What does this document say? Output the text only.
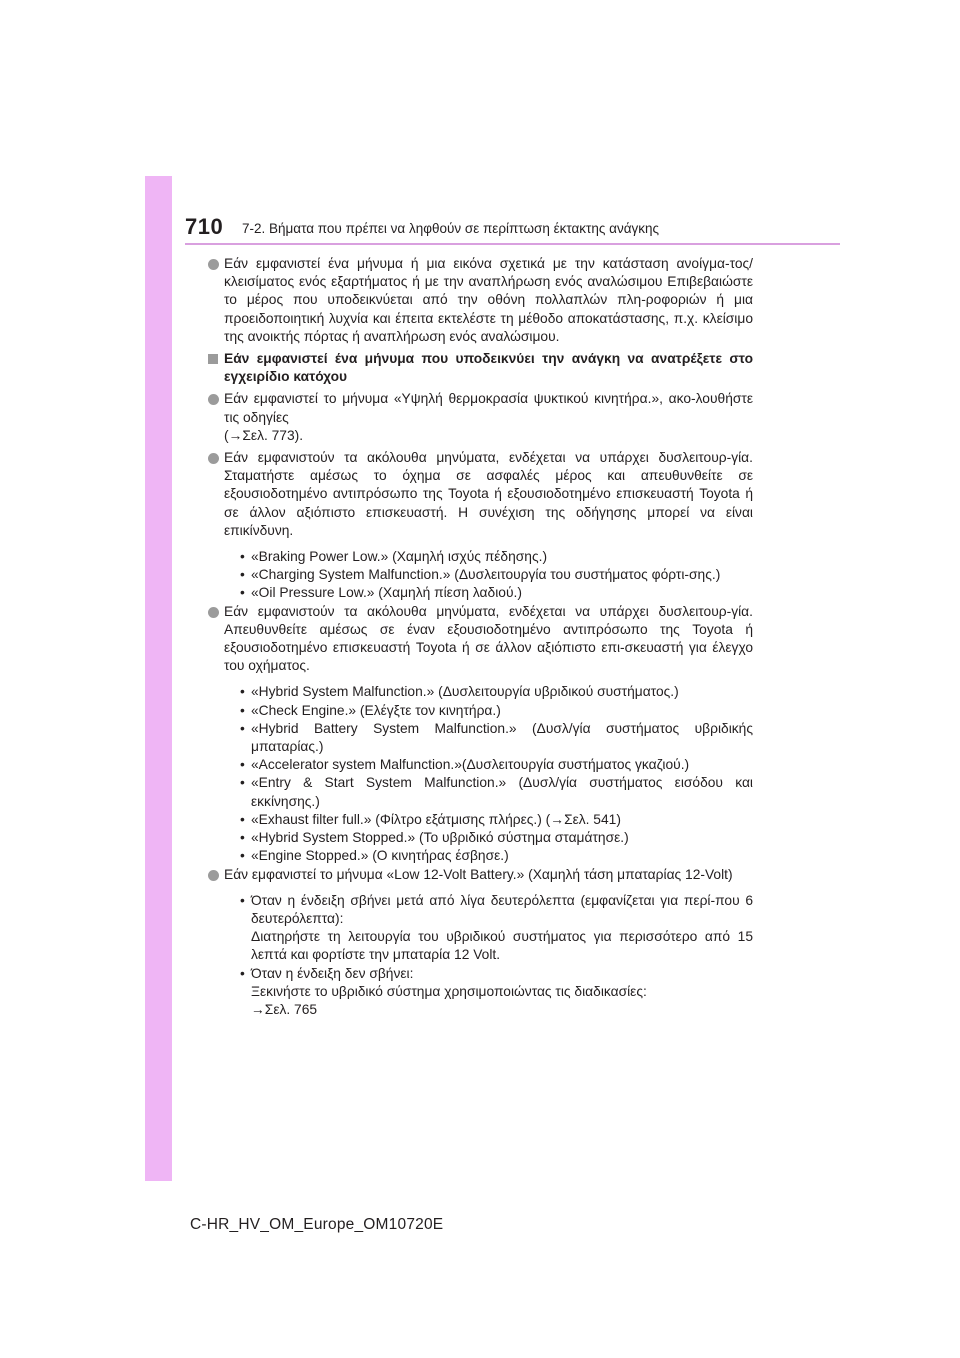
710 7-2. Βήματα που πρέπει να ληφθούν σε περίπτωση έκτακτης ανάγκης
Εάν εμφανιστεί ένα μήνυμα ή μια εικόνα σχετικά με την κατάσταση ανοίγμα-τος/κλεισίματος ενός εξαρτήματος ή με την αναπλήρωση ενός αναλώσιμου Επιβεβαιώστε το μέρος που υποδεικνύεται από την οθόνη πολλαπλών πλη-ροφοριών ή μια προειδοποιητική λυχνία και έπειτα εκτελέστε τη μέθοδο αποκατάστασης, π.χ. κλείσιμο της ανοικτής πόρτας ή αναπλήρωση ενός αναλώσιμου.
Εάν εμφανιστεί ένα μήνυμα που υποδεικνύει την ανάγκη να ανατρέξετε στο εγχειρίδιο κατόχου
Εάν εμφανιστεί το μήνυμα «Υψηλή θερμοκρασία ψυκτικού κινητήρα.», ακο-λουθήστε τις οδηγίες
(→Σελ. 773).
Εάν εμφανιστούν τα ακόλουθα μηνύματα, ενδέχεται να υπάρχει δυσλειτουρ-γία. Σταματήστε αμέσως το όχημα σε ασφαλές μέρος και απευθυνθείτε σε εξουσιοδοτημένο αντιπρόσωπο της Toyota ή εξουσιοδοτημένο επισκευαστή Toyota ή σε άλλον αξιόπιστο επισκευαστή. Η συνέχιση της οδήγησης μπορεί να είναι επικίνδυνη.
• «Braking Power Low.» (Χαμηλή ισχύς πέδησης.)
• «Charging System Malfunction.» (Δυσλειτουργία του συστήματος φόρτι-σης.)
• «Oil Pressure Low.» (Χαμηλή πίεση λαδιού.)
Εάν εμφανιστούν τα ακόλουθα μηνύματα, ενδέχεται να υπάρχει δυσλειτουρ-γία. Απευθυνθείτε αμέσως σε έναν εξουσιοδοτημένο αντιπρόσωπο της Toyota ή εξουσιοδοτημένο επισκευαστή Toyota ή σε άλλον αξιόπιστο επι-σκευαστή για έλεγχο του οχήματος.
• «Hybrid System Malfunction.» (Δυσλειτουργία υβριδικού συστήματος.)
• «Check Engine.» (Ελέγξτε τον κινητήρα.)
• «Hybrid Battery System Malfunction.» (Δυσλ/γία συστήματος υβριδικής μπαταρίας.)
• «Accelerator system Malfunction.»(Δυσλειτουργία συστήματος γκαζιού.)
• «Entry & Start System Malfunction.» (Δυσλ/γία συστήματος εισόδου και εκκίνησης.)
• «Exhaust filter full.» (Φίλτρο εξάτμισης πλήρες.) (→Σελ. 541)
• «Hybrid System Stopped.» (Το υβριδικό σύστημα σταμάτησε.)
• «Engine Stopped.» (Ο κινητήρας έσβησε.)
Εάν εμφανιστεί το μήνυμα «Low 12-Volt Battery.» (Χαμηλή τάση μπαταρίας 12-Volt)
• Όταν η ένδειξη σβήνει μετά από λίγα δευτερόλεπτα (εμφανίζεται για περί-που 6 δευτερόλεπτα):
Διατηρήστε τη λειτουργία του υβριδικού συστήματος για περισσότερο από 15 λεπτά και φορτίστε την μπαταρία 12 Volt.
• Όταν η ένδειξη δεν σβήνει:
Ξεκινήστε το υβριδικό σύστημα χρησιμοποιώντας τις διαδικασίες:
→Σελ. 765
C-HR_HV_OM_Europe_OM10720E
